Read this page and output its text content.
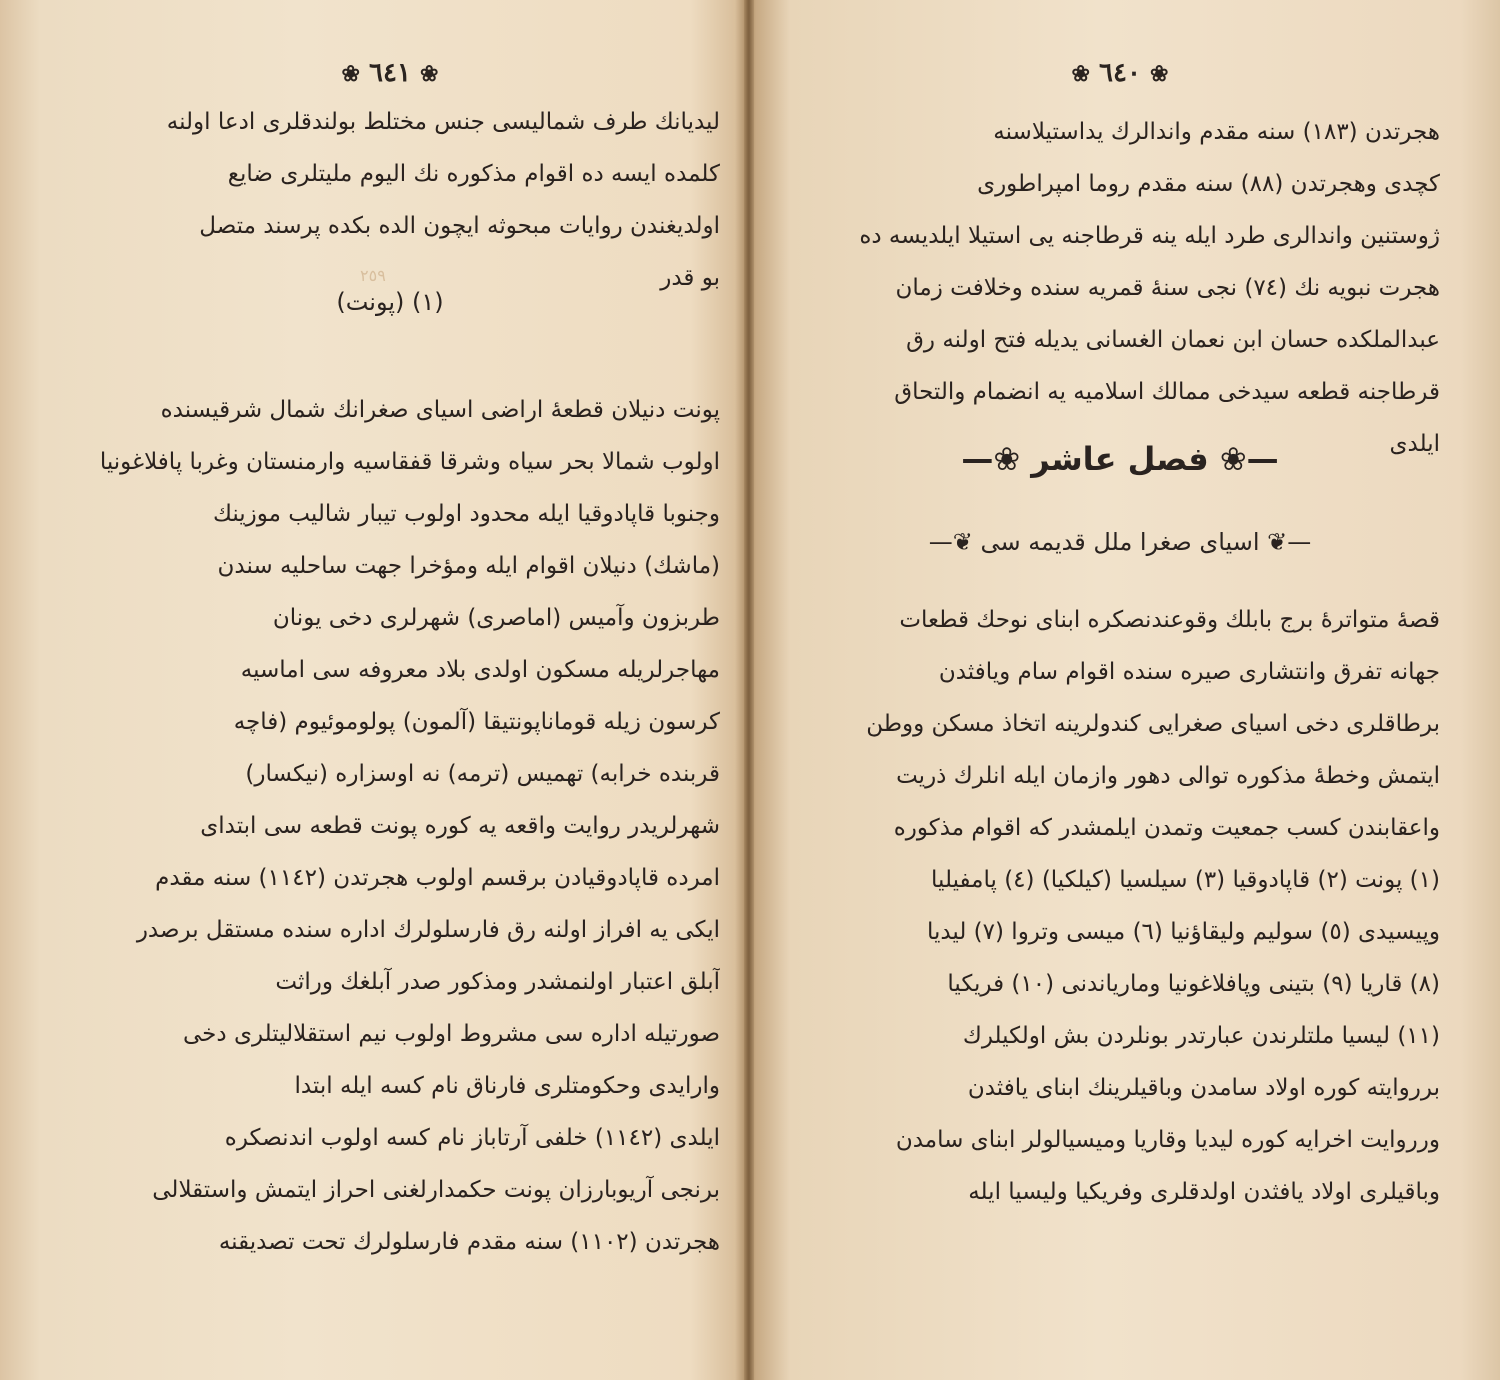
❀ ٦٤١ ❀
لیدیانك طرف شمالیسی جنس مختلط بولندقلری ادعا اولنه
کلمده ایسه ده اقوام مذکوره نك الیوم ملیتلری ضایع
اولدیغندن روایات مبحوثه ایچون الده بکده پرسند متصل
بو قدر
٢٥٩
(١) (پونت)
پونت دنیلان قطعهٔ اراضی اسیای صغرانك شمال شرقیسنده
اولوب شمالا بحر سیاه وشرقا قفقاسیه وارمنستان وغربا پافلاغونیا
وجنوبا قاپادوقیا ایله محدود اولوب تیبار شالیب موزینك
(ماشك) دنیلان اقوام ایله ومؤخرا جهت ساحلیه سندن
طربزون وآمیس (اماصری) شهرلری دخی یونان
مهاجرلریله مسکون اولدی بلاد معروفه سی اماسیه
کرسون زیله قوماناپونتیقا (آلمون) پولوموئیوم (فاچه
قربنده خرابه) تهمیس (ترمه) نه اوسزاره (نیکسار)
شهرلریدر روایت واقعه یه کوره پونت قطعه سی ابتدای
امرده قاپادوقیادن برقسم اولوب هجرتدن (١١٤٢) سنه مقدم
ایکی یه افراز اولنه رق فارسلولرك اداره سنده مستقل برصدر
آبلق اعتبار اولنمشدر ومذکور صدر آبلغك وراثت
صورتیله اداره سی مشروط اولوب نیم استقلالیتلری دخی
وارایدی وحکومتلری فارناق نام کسه ایله ابتدا
ایلدی (١١٤٢) خلفی آرتاباز نام کسه اولوب اندنصکره
برنجی آریوبارزان پونت حکمدارلغنی احراز ایتمش واستقلالی
هجرتدن (١١٠٢) سنه مقدم فارسلولرك تحت تصدیقنه
❀ ٦٤٠ ❀
هجرتدن (١٨٣) سنه مقدم واندالرك یداستیلاسنه
کچدی وهجرتدن (٨٨) سنه مقدم روما امپراطوری
ژوستنین واندالری طرد ایله ینه قرطاجنه یی استیلا ایلدیسه ده
هجرت نبویه نك (٧٤) نجی سنهٔ قمریه سنده وخلافت زمان
عبدالملکده حسان ابن نعمان الغسانی یدیله فتح اولنه رق
قرطاجنه قطعه سیدخی ممالك اسلامیه یه انضمام والتحاق
ایلدی
—❀ فصل عاشر ❀—
—❦ اسیای صغرا ملل قدیمه سی ❦—
قصهٔ متواترهٔ برج بابلك وقوعندنصکره ابنای نوحك قطعات
جهانه تفرق وانتشاری صیره سنده اقوام سام ویافثدن
برطاقلری دخی اسیای صغرایی کندولرینه اتخاذ مسکن ووطن
ایتمش وخطهٔ مذکوره توالی دهور وازمان ایله انلرك ذریت
واعقابندن کسب جمعیت وتمدن ایلمشدر که اقوام مذکوره
(١) پونت (٢) قاپادوقیا (٣) سیلسیا (کیلکیا) (٤) پامفیلیا
وپیسیدی (٥) سولیم ولیقاؤنیا (٦) میسی وتروا (٧) لیدیا
(٨) قاریا (٩) بتینی وپافلاغونیا وماریاندنی (١٠) فریکیا
(١١) لیسیا ملتلرندن عبارتدر بونلردن بش اولکیلرك
برروایته کوره اولاد سامدن وباقیلرینك ابنای یافثدن
ورروایت اخرایه کوره لیدیا وقاریا ومیسیالولر ابنای سامدن
وباقیلری اولاد یافثدن اولدقلری وفریکیا ولیسیا ایله
